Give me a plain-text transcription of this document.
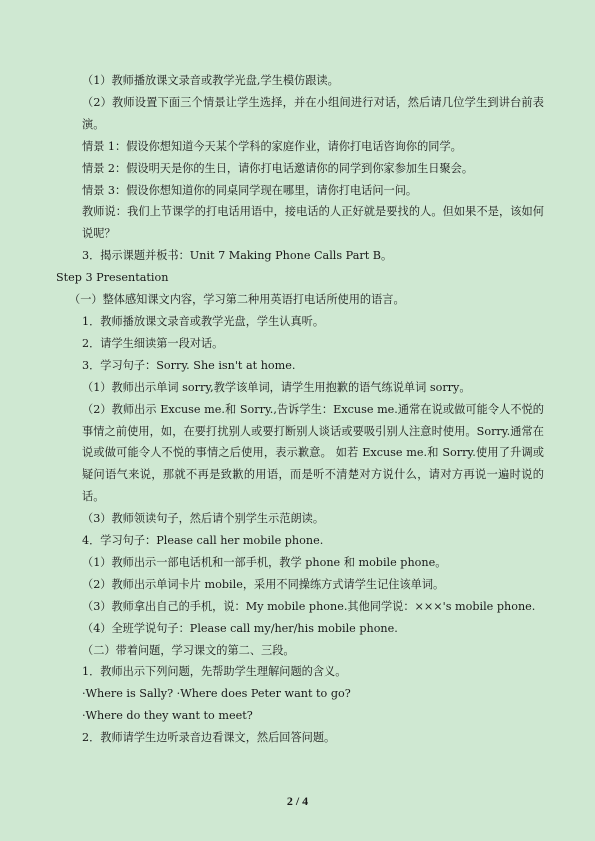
（1）教师播放课文录音或教学光盘,学生模仿跟读。

（2）教师设置下面三个情景让学生选择，并在小组间进行对话，然后请几位学生到讲台前表演。

情景 1：假设你想知道今天某个学科的家庭作业，请你打电话咨询你的同学。

情景 2：假设明天是你的生日，请你打电话邀请你的同学到你家参加生日聚会。

情景 3：假设你想知道你的同桌同学现在哪里，请你打电话问一问。

教师说：我们上节课学的打电话用语中，接电话的人正好就是要找的人。但如果不是，该如何说呢？

3．揭示课题并板书：Unit 7 Making Phone Calls Part B。

Step 3 Presentation

（一）整体感知课文内容，学习第二种用英语打电话所使用的语言。

1．教师播放课文录音或教学光盘，学生认真听。

2．请学生细读第一段对话。

3．学习句子：Sorry. She isn't at home.

（1）教师出示单词 sorry,教学该单词，请学生用抱歉的语气练说单词 sorry。

（2）教师出示 Excuse me.和 Sorry.,告诉学生：Excuse me.通常在说或做可能令人不悦的事情之前使用，如，在要打扰别人或要打断别人谈话或要吸引别人注意时使用。Sorry.通常在说或做可能令人不悦的事情之后使用，表示歉意。 如若 Excuse me.和 Sorry.使用了升调或疑问语气来说，那就不再是致歉的用语，而是听不清楚对方说什么，请对方再说一遍时说的话。

（3）教师领读句子，然后请个别学生示范朗读。

4．学习句子：Please call her mobile phone.

（1）教师出示一部电话机和一部手机，教学 phone 和 mobile phone。

（2）教师出示单词卡片 mobile，采用不同操练方式请学生记住该单词。

（3）教师拿出自己的手机，说：My mobile phone.其他同学说：×××'s mobile phone.

（4）全班学说句子：Please call my/her/his mobile phone.

（二）带着问题，学习课文的第二、三段。

1．教师出示下列问题，先帮助学生理解问题的含义。

·Where is Sally? ·Where does Peter want to go?

·Where do they want to meet?

2．教师请学生边听录音边看课文，然后回答问题。

2 / 4
